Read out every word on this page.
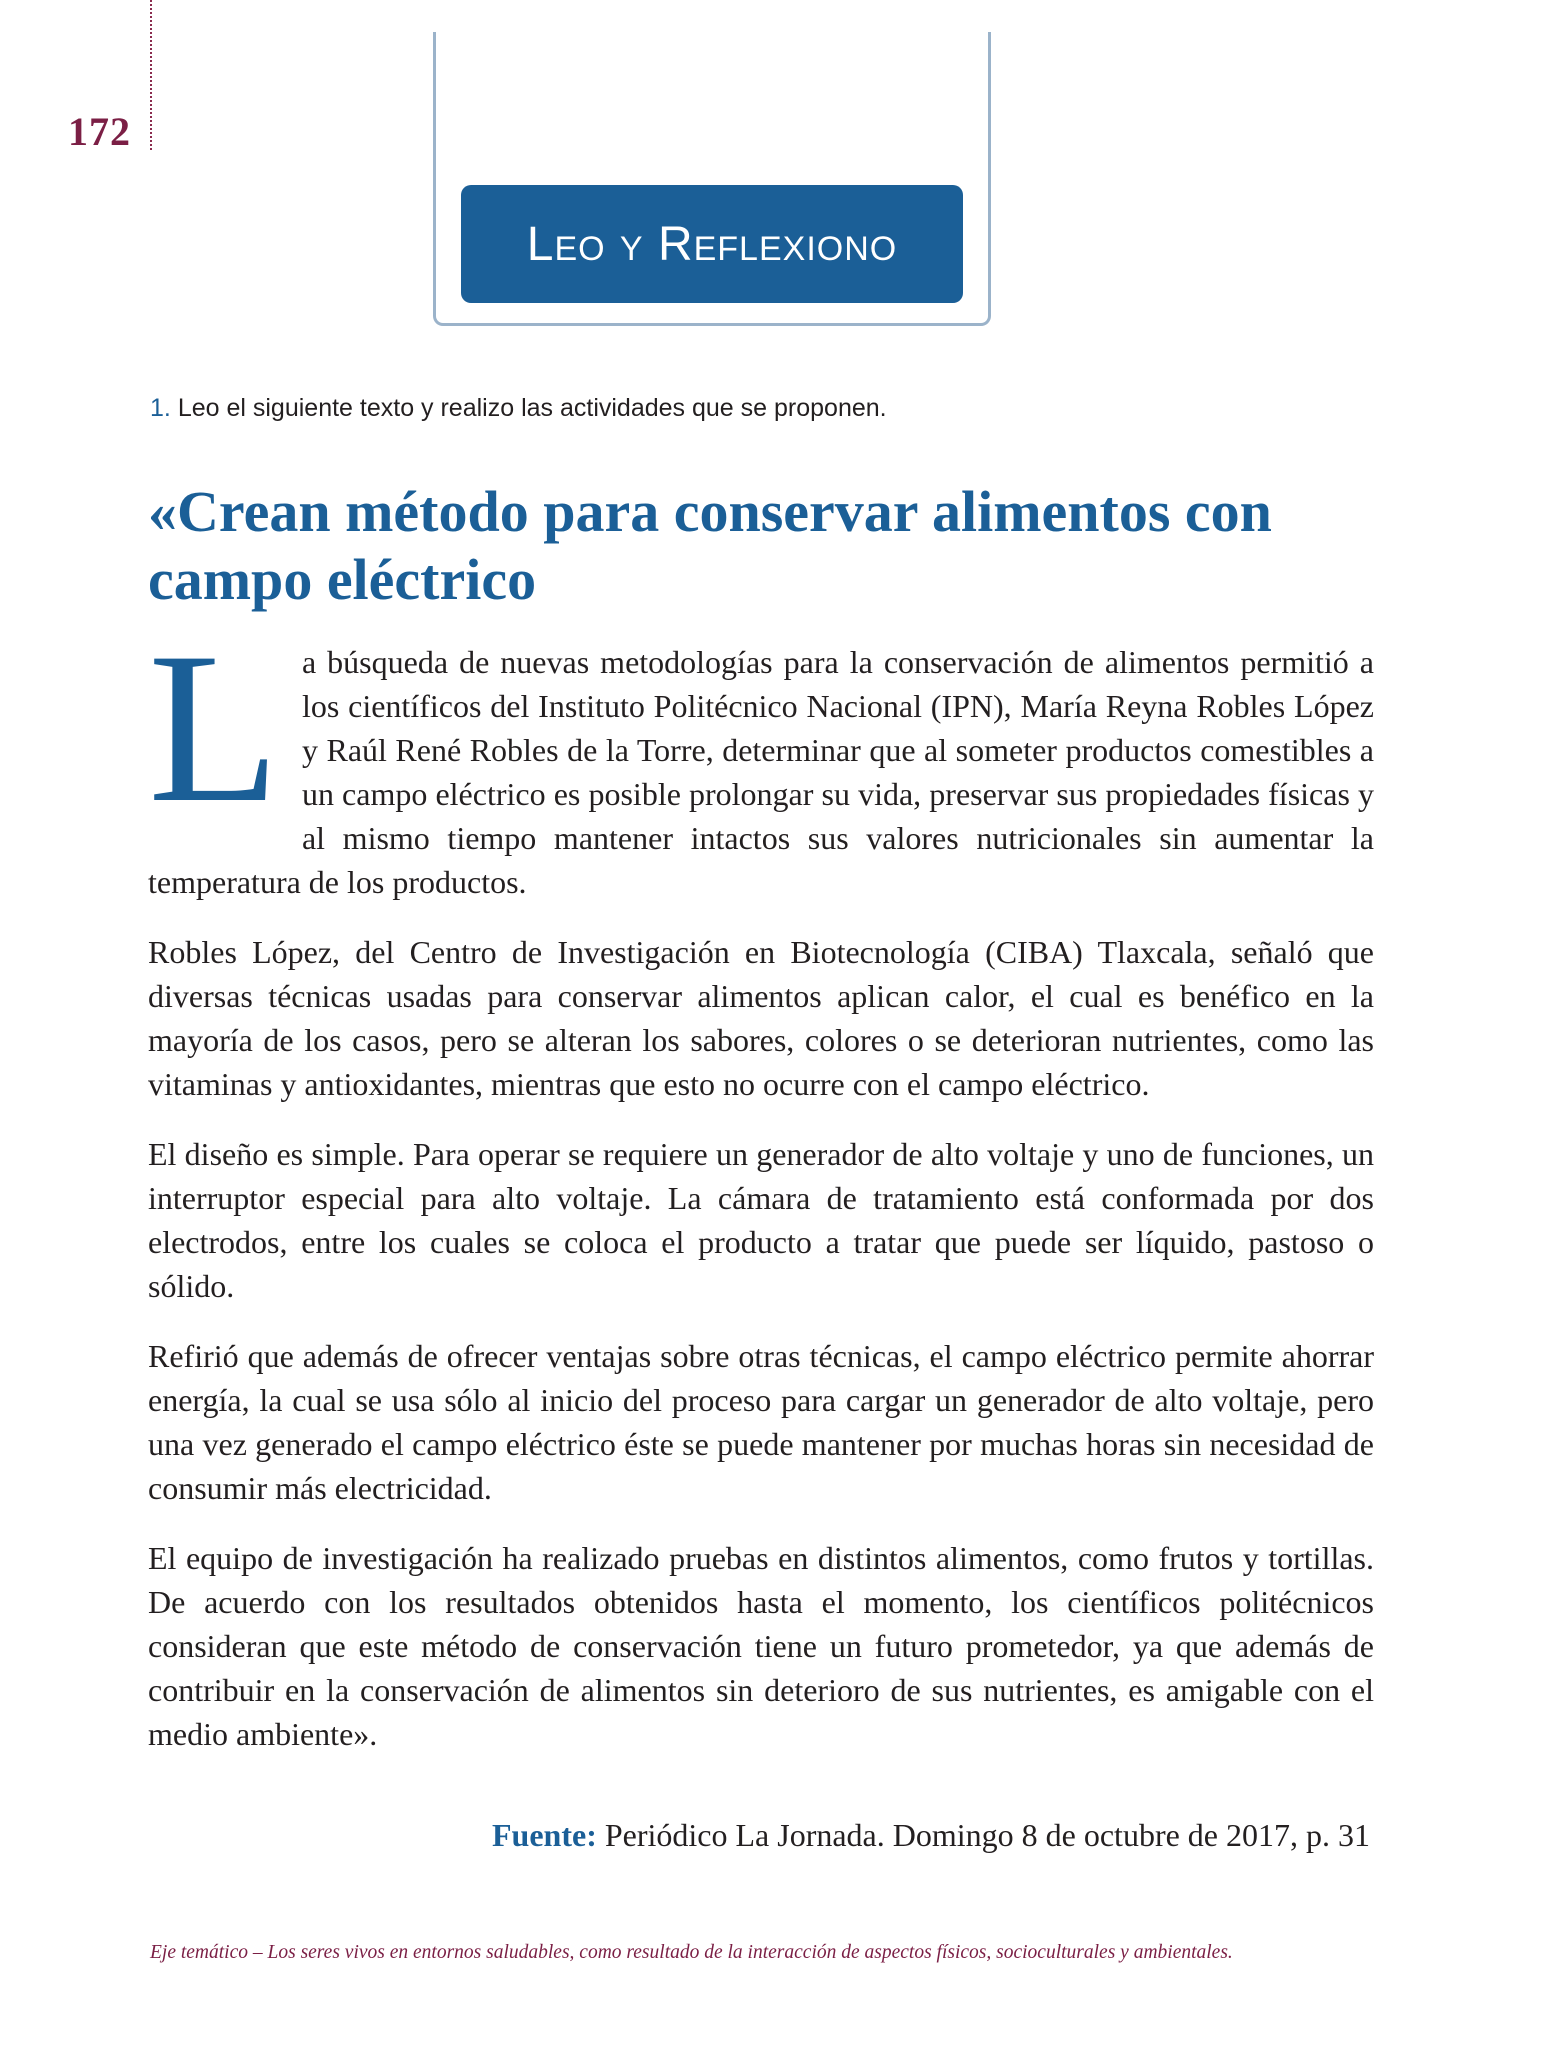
172
Leo y Reflexiono
1. Leo el siguiente texto y realizo las actividades que se proponen.
«Crean método para conservar alimentos con campo eléctrico

La búsqueda de nuevas metodologías para la conservación de alimentos permitió a los científicos del Instituto Politécnico Nacional (IPN), María Reyna Robles López y Raúl René Robles de la Torre, determinar que al someter productos comestibles a un campo eléctrico es posible prolongar su vida, preservar sus propiedades físicas y al mismo tiempo mantener intactos sus valores nutricionales sin aumentar la temperatura de los productos.

Robles López, del Centro de Investigación en Biotecnología (CIBA) Tlaxcala, señaló que diversas técnicas usadas para conservar alimentos aplican calor, el cual es benéfico en la mayoría de los casos, pero se alteran los sabores, colores o se deterioran nutrientes, como las vitaminas y antioxidantes, mientras que esto no ocurre con el campo eléctrico.

El diseño es simple. Para operar se requiere un generador de alto voltaje y uno de funciones, un interruptor especial para alto voltaje. La cámara de tratamiento está conformada por dos electrodos, entre los cuales se coloca el producto a tratar que puede ser líquido, pastoso o sólido.

Refirió que además de ofrecer ventajas sobre otras técnicas, el campo eléctrico permite ahorrar energía, la cual se usa sólo al inicio del proceso para cargar un generador de alto voltaje, pero una vez generado el campo eléctrico éste se puede mantener por muchas horas sin necesidad de consumir más electricidad.

El equipo de investigación ha realizado pruebas en distintos alimentos, como frutos y tortillas. De acuerdo con los resultados obtenidos hasta el momento, los científicos politécnicos consideran que este método de conservación tiene un futuro prometedor, ya que además de contribuir en la conservación de alimentos sin deterioro de sus nutrientes, es amigable con el medio ambiente».

Fuente: Periódico La Jornada. Domingo 8 de octubre de 2017, p. 31
Eje temático – Los seres vivos en entornos saludables, como resultado de la interacción de aspectos físicos, socioculturales y ambientales.
